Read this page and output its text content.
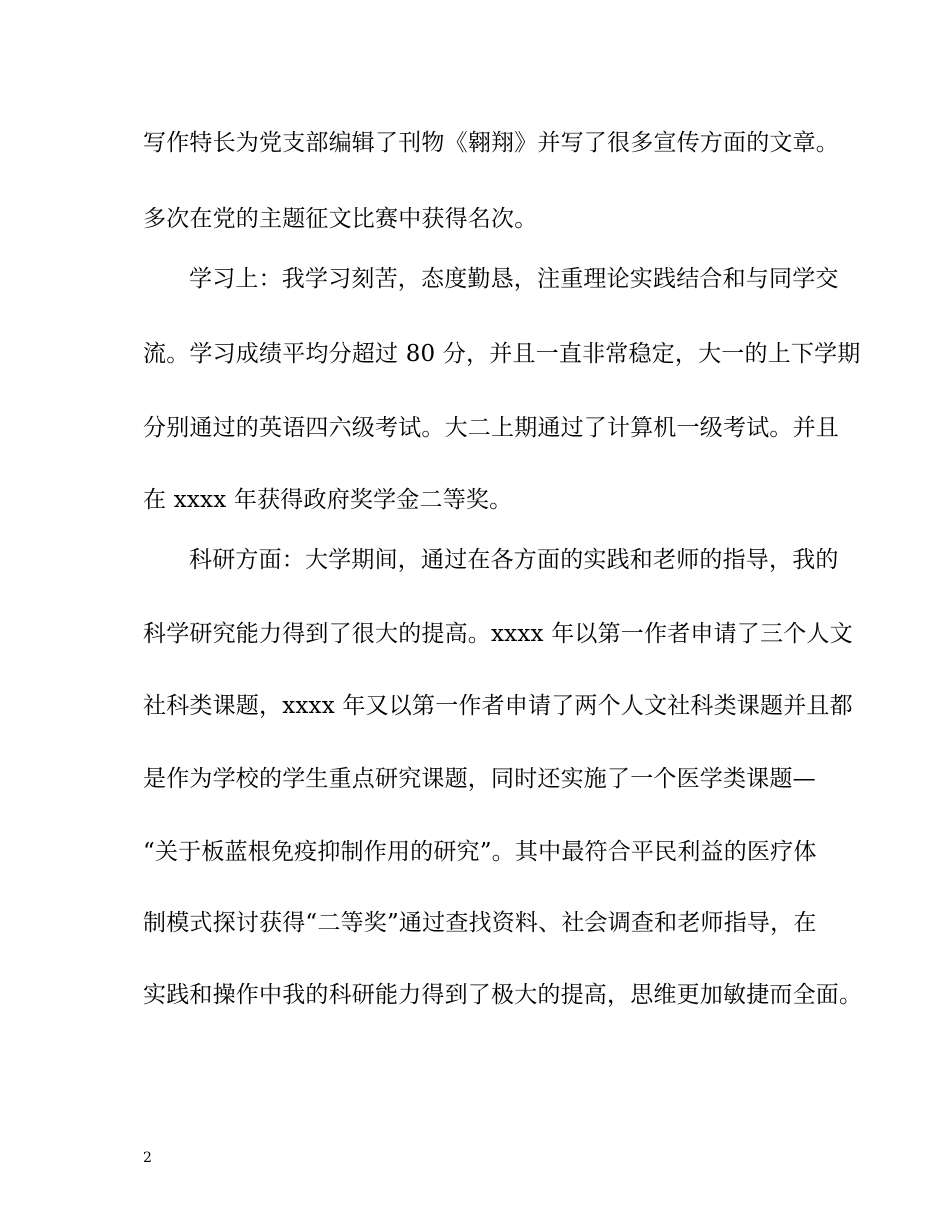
写作特长为党支部编辑了刊物《翱翔》并写了很多宣传方面的文章。
多次在党的主题征文比赛中获得名次。
学习上：我学习刻苦，态度勤恳，注重理论实践结合和与同学交
流。学习成绩平均分超过 80 分，并且一直非常稳定，大一的上下学期
分别通过的英语四六级考试。大二上期通过了计算机一级考试。并且
在 xxxx 年获得政府奖学金二等奖。
科研方面：大学期间，通过在各方面的实践和老师的指导，我的
科学研究能力得到了很大的提高。xxxx 年以第一作者申请了三个人文
社科类课题，xxxx 年又以第一作者申请了两个人文社科类课题并且都
是作为学校的学生重点研究课题，同时还实施了一个医学类课题—
“关于板蓝根免疫抑制作用的研究”。其中最符合平民利益的医疗体
制模式探讨获得“二等奖”通过查找资料、社会调查和老师指导，在
实践和操作中我的科研能力得到了极大的提高，思维更加敏捷而全面。
2
